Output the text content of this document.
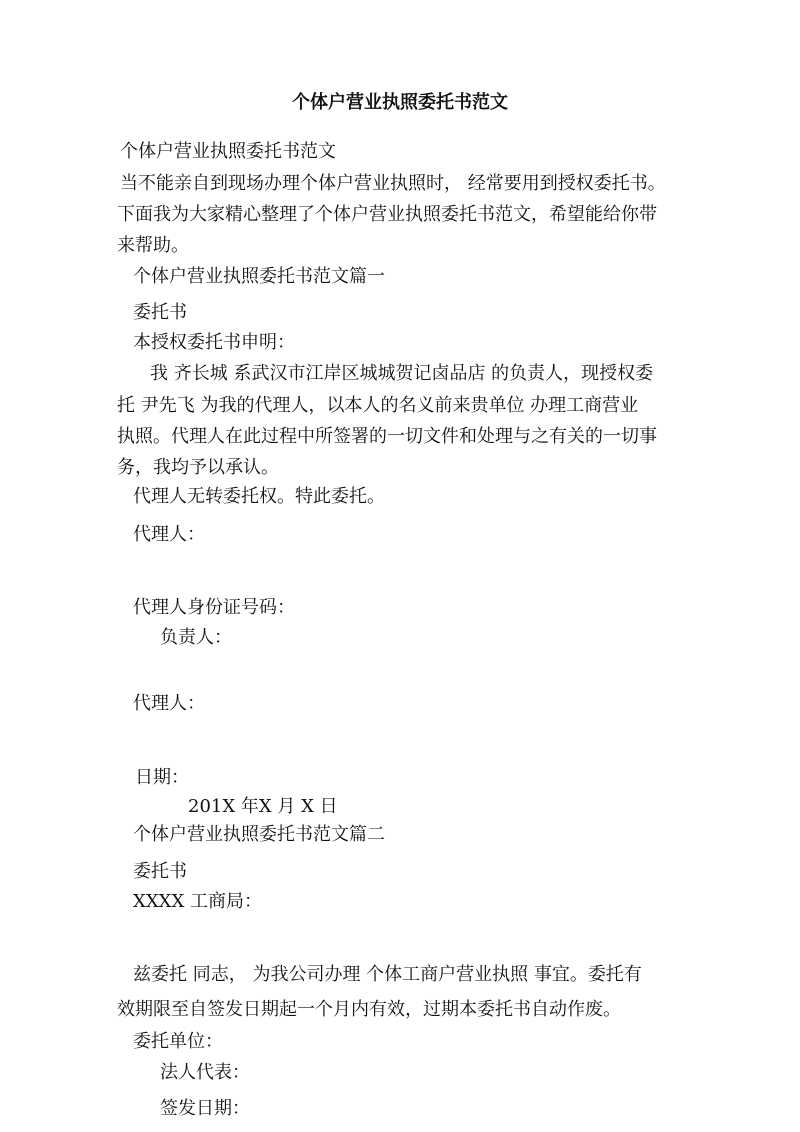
个体户营业执照委托书范文
个体户营业执照委托书范文
当不能亲自到现场办理个体户营业执照时， 经常要用到授权委托书。
下面我为大家精心整理了个体户营业执照委托书范文，希望能给你带
来帮助。
个体户营业执照委托书范文篇一
委托书
本授权委托书申明：
我 齐长城 系武汉市江岸区城城贺记卤品店 的负责人，现授权委
托 尹先飞 为我的代理人，以本人的名义前来贵单位 办理工商营业
执照。代理人在此过程中所签署的一切文件和处理与之有关的一切事
务，我均予以承认。
代理人无转委托权。特此委托。
代理人：
代理人身份证号码：
负责人：
代理人：
日期：
201X 年X 月 X 日
个体户营业执照委托书范文篇二
委托书
XXXX 工商局：
兹委托 同志， 为我公司办理 个体工商户营业执照 事宜。委托有
效期限至自签发日期起一个月内有效，过期本委托书自动作废。
委托单位：
法人代表：
签发日期：
